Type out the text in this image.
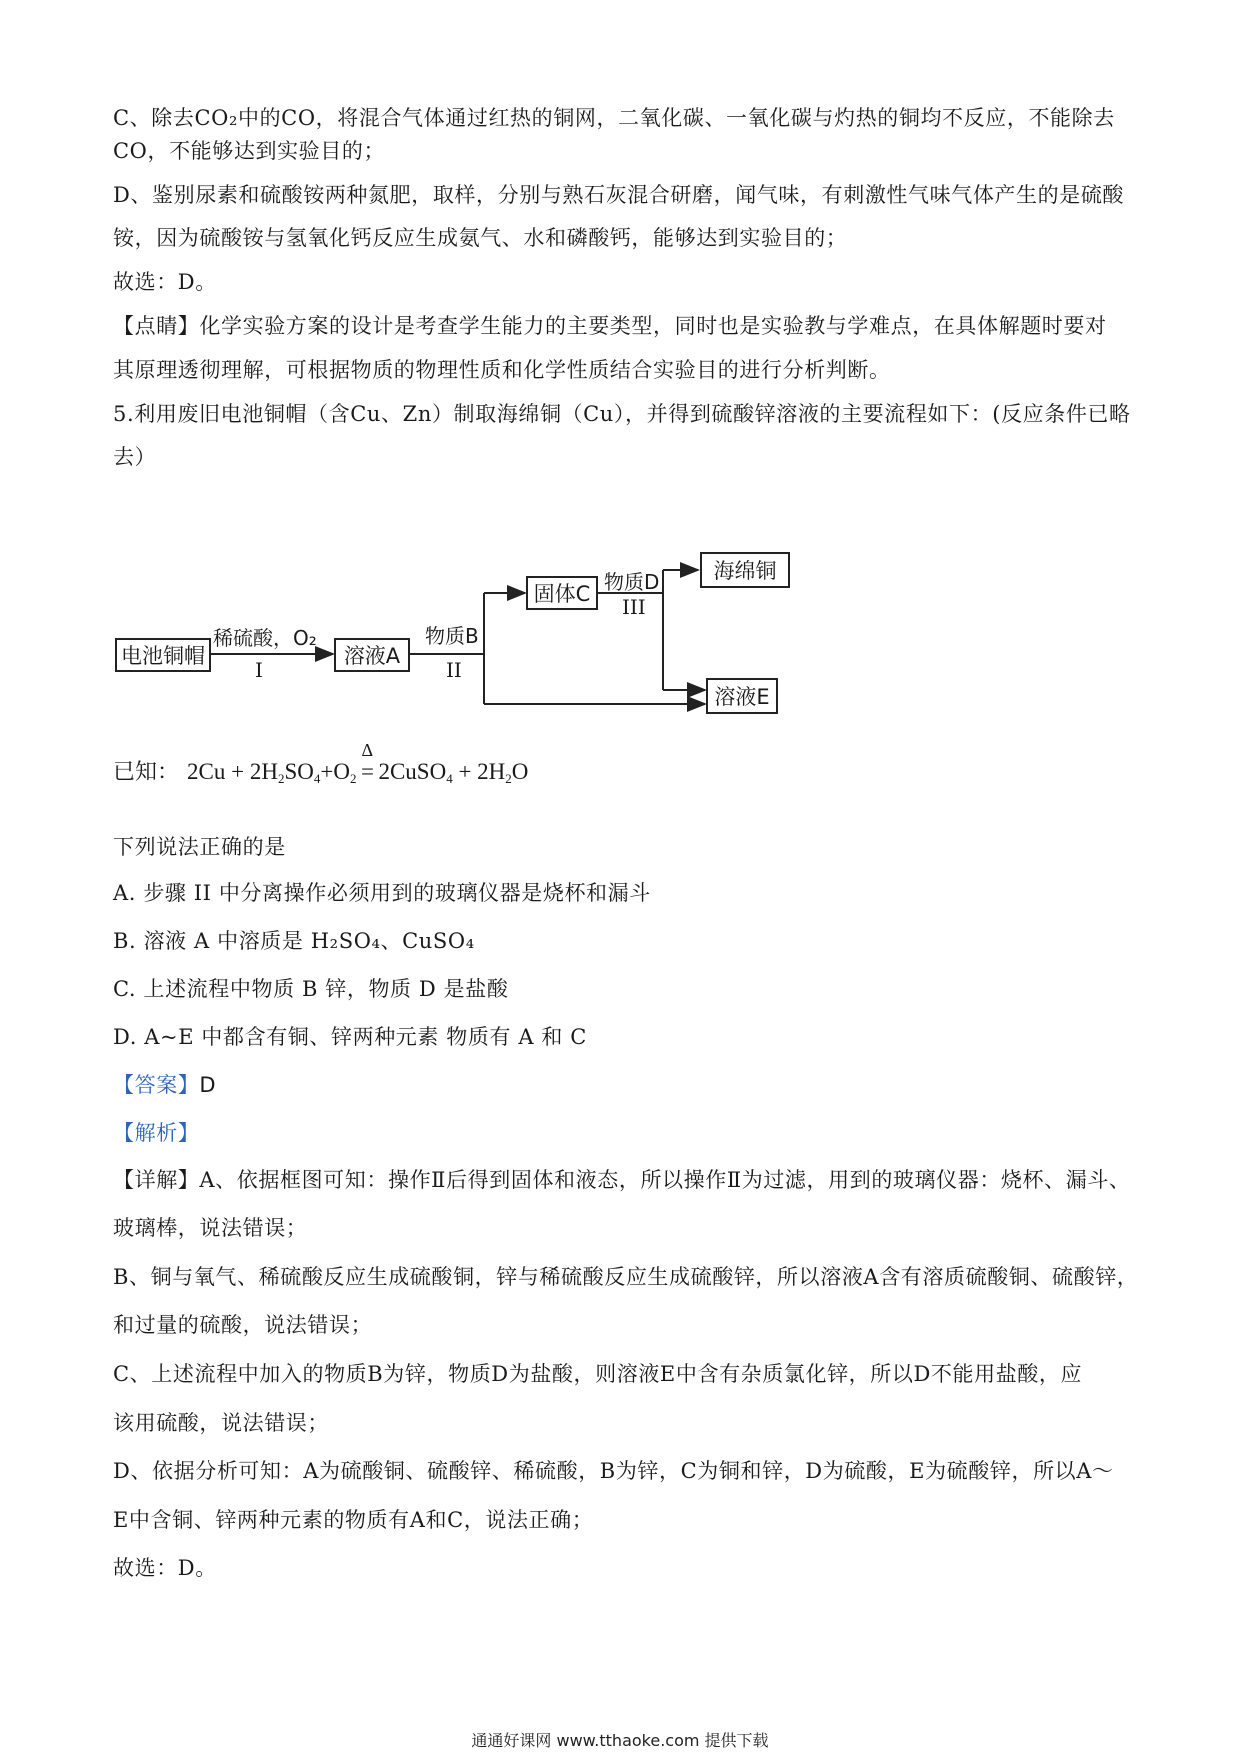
C、除去CO₂中的CO，将混合气体通过红热的铜网，二氧化碳、一氧化碳与灼热的铜均不反应，不能除去
CO，不能够达到实验目的；
D、鉴别尿素和硫酸铵两种氮肥，取样，分别与熟石灰混合研磨，闻气味，有刺激性气味气体产生的是硫酸
铵，因为硫酸铵与氢氧化钙反应生成氨气、水和磷酸钙，能够达到实验目的；
故选：D。
【点睛】化学实验方案的设计是考查学生能力的主要类型，同时也是实验教与学难点，在具体解题时要对
其原理透彻理解，可根据物质的物理性质和化学性质结合实验目的进行分析判断。
5.利用废旧电池铜帽（含Cu、Zn）制取海绵铜（Cu），并得到硫酸锌溶液的主要流程如下：(反应条件已略
去）
电池铜帽
稀硫酸，O₂
I
溶液A
物质B
II
固体C 物质D
III
海绵铜
溶液E
已知： $2Cu + 2H_2SO_4+O_2$ =
Δ
2CuSO$_4$ + $2H_2O$
下列说法正确的是
A. 步骤 II 中分离操作必须用到的玻璃仪器是烧杯和漏斗
B. 溶液 A 中溶质是 H₂SO₄、CuSO₄
C. 上述流程中物质 B 锌，物质 D 是盐酸
D. A~E 中都含有铜、锌两种元素 物质有 A 和 C
【答案】D
【解析】
【详解】A、依据框图可知：操作Ⅱ后得到固体和液态，所以操作Ⅱ为过滤，用到的玻璃仪器：烧杯、漏斗、
玻璃棒，说法错误；
B、铜与氧气、稀硫酸反应生成硫酸铜，锌与稀硫酸反应生成硫酸锌，所以溶液A含有溶质硫酸铜、硫酸锌，
和过量的硫酸，说法错误；
C、上述流程中加入的物质B为锌，物质D为盐酸，则溶液E中含有杂质氯化锌，所以D不能用盐酸，应
该用硫酸，说法错误；
D、依据分析可知：A为硫酸铜、硫酸锌、稀硫酸，B为锌，C为铜和锌，D为硫酸，E为硫酸锌，所以A～
E中含铜、锌两种元素的物质有A和C，说法正确；
故选：D。
通通好课网 www.tthaoke.com 提供下载
